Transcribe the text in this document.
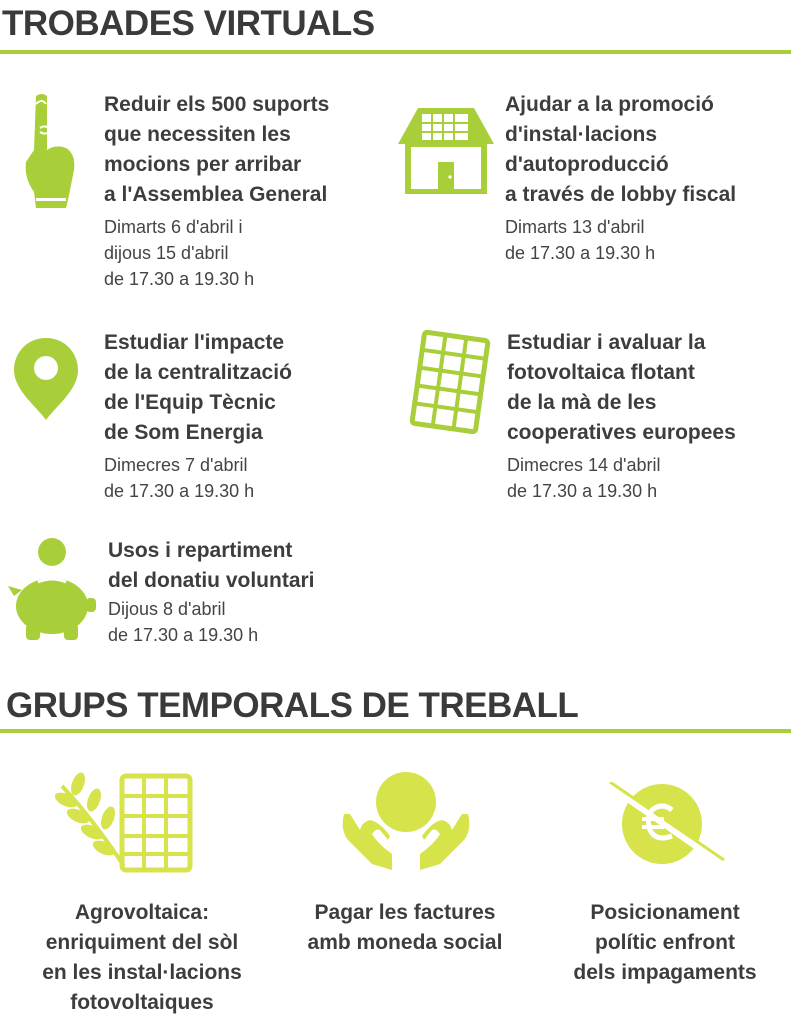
TROBADES VIRTUALS
Reduir els 500 suports
que necessiten les
mocions per arribar
a l'Assemblea General
Dimarts 6 d'abril i
dijous 15 d'abril
de 17.30 a 19.30 h
Ajudar a la promoció
d'instal·lacions
d'autoproducció
a través de lobby fiscal
Dimarts 13 d'abril
de 17.30 a 19.30 h
Estudiar l'impacte
de la centralització
de l'Equip Tècnic
de Som Energia
Dimecres 7 d'abril
de 17.30 a 19.30 h
Estudiar i avaluar la
fotovoltaica flotant
de la mà de les
cooperatives europees
Dimecres 14 d'abril
de 17.30 a 19.30 h
Usos i repartiment
del donatiu voluntari
Dijous 8 d'abril
de 17.30 a 19.30 h
GRUPS TEMPORALS DE TREBALL
Agrovoltaica:
enriquiment del sòl
en les instal·lacions
fotovoltaiques
Pagar les factures
amb moneda social
Posicionament
polític enfront
dels impagaments
